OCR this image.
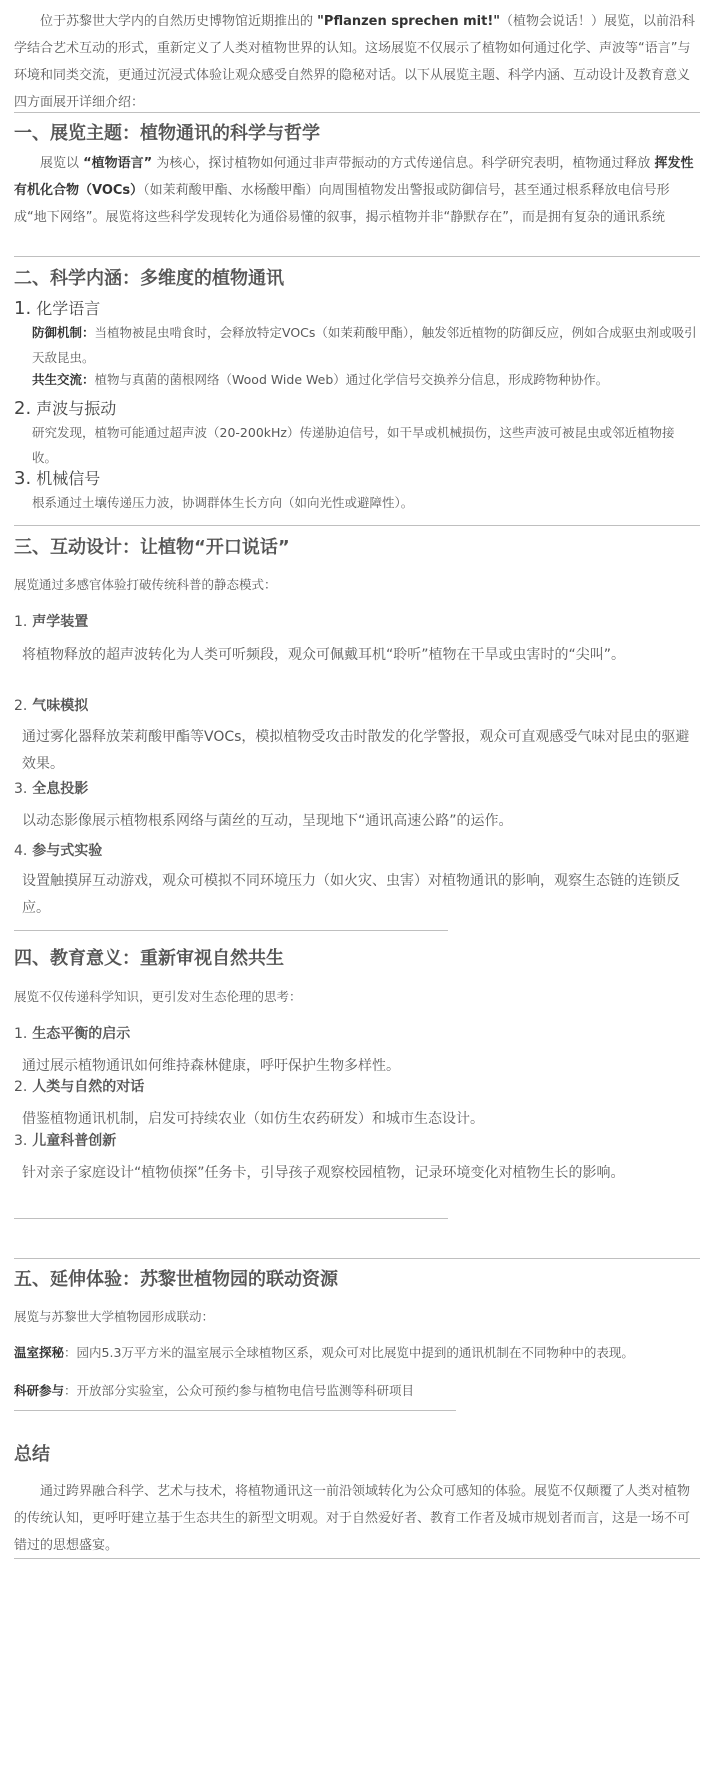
位于苏黎世大学内的自然历史博物馆近期推出的 "Pflanzen sprechen mit!"（植物会说话！）展览，以前沿科学结合艺术互动的形式，重新定义了人类对植物世界的认知。这场展览不仅展示了植物如何通过化学、声波等“语言”与环境和同类交流，更通过沉浸式体验让观众感受自然界的隐秘对话。以下从展览主题、科学内涵、互动设计及教育意义四方面展开详细介绍：

一、展览主题：植物通讯的科学与哲学

展览以 “植物语言” 为核心，探讨植物如何通过非声带振动的方式传递信息。科学研究表明，植物通过释放 挥发性有机化合物（VOCs）（如茉莉酸甲酯、水杨酸甲酯）向周围植物发出警报或防御信号，甚至通过根系释放电信号形成“地下网络”。展览将这些科学发现转化为通俗易懂的叙事，揭示植物并非“静默存在”，而是拥有复杂的通讯系统

二、科学内涵：多维度的植物通讯
1. 化学语言

防御机制：当植物被昆虫啃食时，会释放特定VOCs（如茉莉酸甲酯），触发邻近植物的防御反应，例如合成驱虫剂或吸引天敌昆虫。

共生交流：植物与真菌的菌根网络（Wood Wide Web）通过化学信号交换养分信息，形成跨物种协作。

2. 声波与振动

研究发现，植物可能通过超声波（20-200kHz）传递胁迫信号，如干旱或机械损伤，这些声波可被昆虫或邻近植物接收。

3. 机械信号

根系通过土壤传递压力波，协调群体生长方向（如向光性或避障性）。

三、互动设计：让植物“开口说话”
展览通过多感官体验打破传统科普的静态模式：
1. 声学装置

将植物释放的超声波转化为人类可听频段，观众可佩戴耳机“聆听”植物在干旱或虫害时的“尖叫”。

2. 气味模拟

通过雾化器释放茉莉酸甲酯等VOCs，模拟植物受攻击时散发的化学警报，观众可直观感受气味对昆虫的驱避效果。

3. 全息投影

以动态影像展示植物根系网络与菌丝的互动，呈现地下“通讯高速公路”的运作。

4. 参与式实验

设置触摸屏互动游戏，观众可模拟不同环境压力（如火灾、虫害）对植物通讯的影响，观察生态链的连锁反应。

四、教育意义：重新审视自然共生
展览不仅传递科学知识，更引发对生态伦理的思考：
1. 生态平衡的启示

通过展示植物通讯如何维持森林健康，呼吁保护生物多样性。

2. 人类与自然的对话

借鉴植物通讯机制，启发可持续农业（如仿生农药研发）和城市生态设计。

3. 儿童科普创新

针对亲子家庭设计“植物侦探”任务卡，引导孩子观察校园植物，记录环境变化对植物生长的影响。

五、延伸体验：苏黎世植物园的联动资源
展览与苏黎世大学植物园形成联动：

温室探秘：园内5.3万平方米的温室展示全球植物区系，观众可对比展览中提到的通讯机制在不同物种中的表现。

科研参与：开放部分实验室，公众可预约参与植物电信号监测等科研项目

总结

通过跨界融合科学、艺术与技术，将植物通讯这一前沿领域转化为公众可感知的体验。展览不仅颠覆了人类对植物的传统认知，更呼吁建立基于生态共生的新型文明观。对于自然爱好者、教育工作者及城市规划者而言，这是一场不可错过的思想盛宴。
